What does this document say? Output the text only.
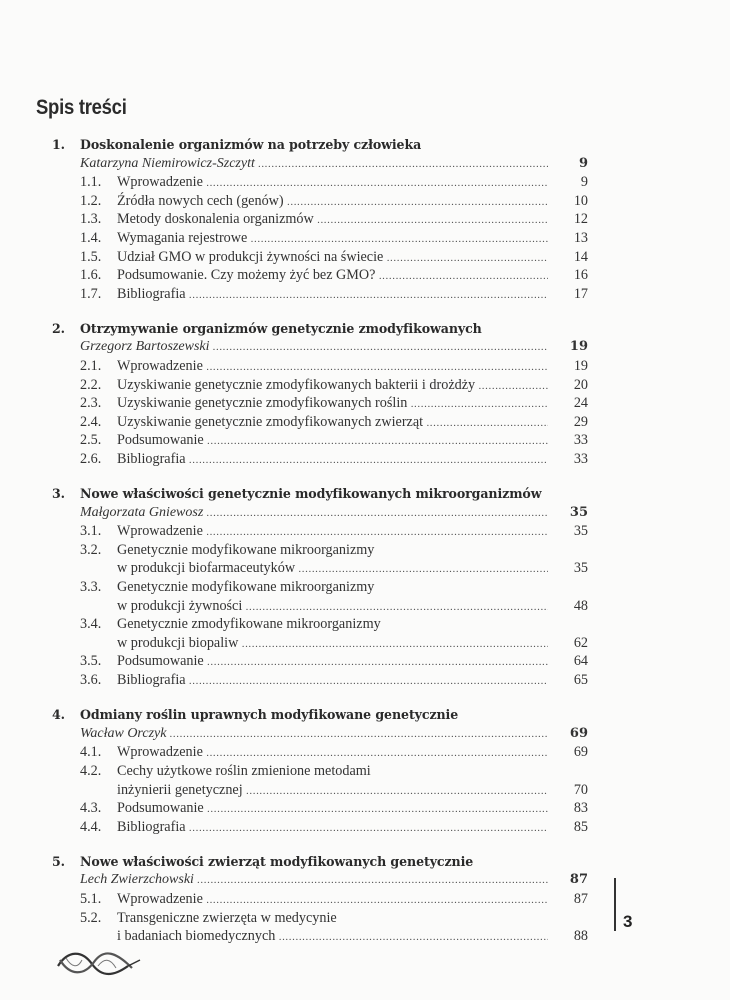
Spis treści
1.	Doskonalenie organizmów na potrzeby człowieka
Katarzyna Niemirowicz-Szczytt .....	9
1.1.	Wprowadzenie .....	9
1.2.	Źródła nowych cech (genów) .....	10
1.3.	Metody doskonalenia organizmów .....	12
1.4.	Wymagania rejestrowe .....	13
1.5.	Udział GMO w produkcji żywności na świecie .....	14
1.6.	Podsumowanie. Czy możemy żyć bez GMO? .....	16
1.7.	Bibliografia .....	17
2.	Otrzymywanie organizmów genetycznie zmodyfikowanych
Grzegorz Bartoszewski .....	19
2.1.	Wprowadzenie .....	19
2.2.	Uzyskiwanie genetycznie zmodyfikowanych bakterii i drożdży .....	20
2.3.	Uzyskiwanie genetycznie zmodyfikowanych roślin .....	24
2.4.	Uzyskiwanie genetycznie zmodyfikowanych zwierząt .....	29
2.5.	Podsumowanie .....	33
2.6.	Bibliografia .....	33
3.	Nowe właściwości genetycznie modyfikowanych mikroorganizmów
Małgorzata Gniewosz .....	35
3.1.	Wprowadzenie .....	35
3.2.	Genetycznie modyfikowane mikroorganizmy
w produkcji biofarmaceutyków .....	35
3.3.	Genetycznie modyfikowane mikroorganizmy
w produkcji żywności .....	48
3.4.	Genetycznie zmodyfikowane mikroorganizmy
w produkcji biopaliw .....	62
3.5.	Podsumowanie .....	64
3.6.	Bibliografia .....	65
4.	Odmiany roślin uprawnych modyfikowane genetycznie
Wacław Orczyk .....	69
4.1.	Wprowadzenie .....	69
4.2.	Cechy użytkowe roślin zmienione metodami
inżynierii genetycznej .....	70
4.3.	Podsumowanie .....	83
4.4.	Bibliografia .....	85
5.	Nowe właściwości zwierząt modyfikowanych genetycznie
Lech Zwierzchowski .....	87
5.1.	Wprowadzenie .....	87
5.2.	Transgeniczne zwierzęta w medycynie
i badaniach biomedycznych .....	88
3
